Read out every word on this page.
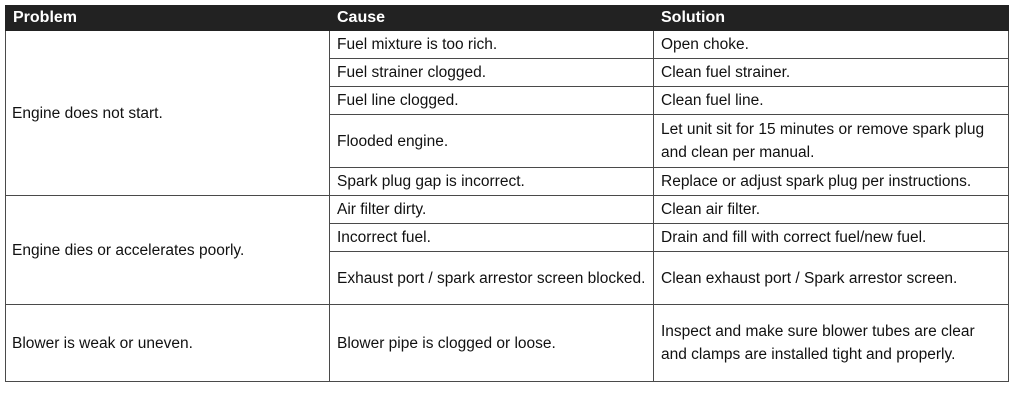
Problem	Cause	Solution
Engine does not start.	Fuel mixture is too rich.	Open choke.
	Fuel strainer clogged.	Clean fuel strainer.
	Fuel line clogged.	Clean fuel line.
	Flooded engine.	Let unit sit for 15 minutes or remove spark plug and clean per manual.
	Spark plug gap is incorrect.	Replace or adjust spark plug per instructions.
Engine dies or accelerates poorly.	Air filter dirty.	Clean air filter.
	Incorrect fuel.	Drain and fill with correct fuel/new fuel.
	Exhaust port / spark arrestor screen blocked.	Clean exhaust port / Spark arrestor screen.
Blower is weak or uneven.	Blower pipe is clogged or loose.	Inspect and make sure blower tubes are clear and clamps are installed tight and properly.
